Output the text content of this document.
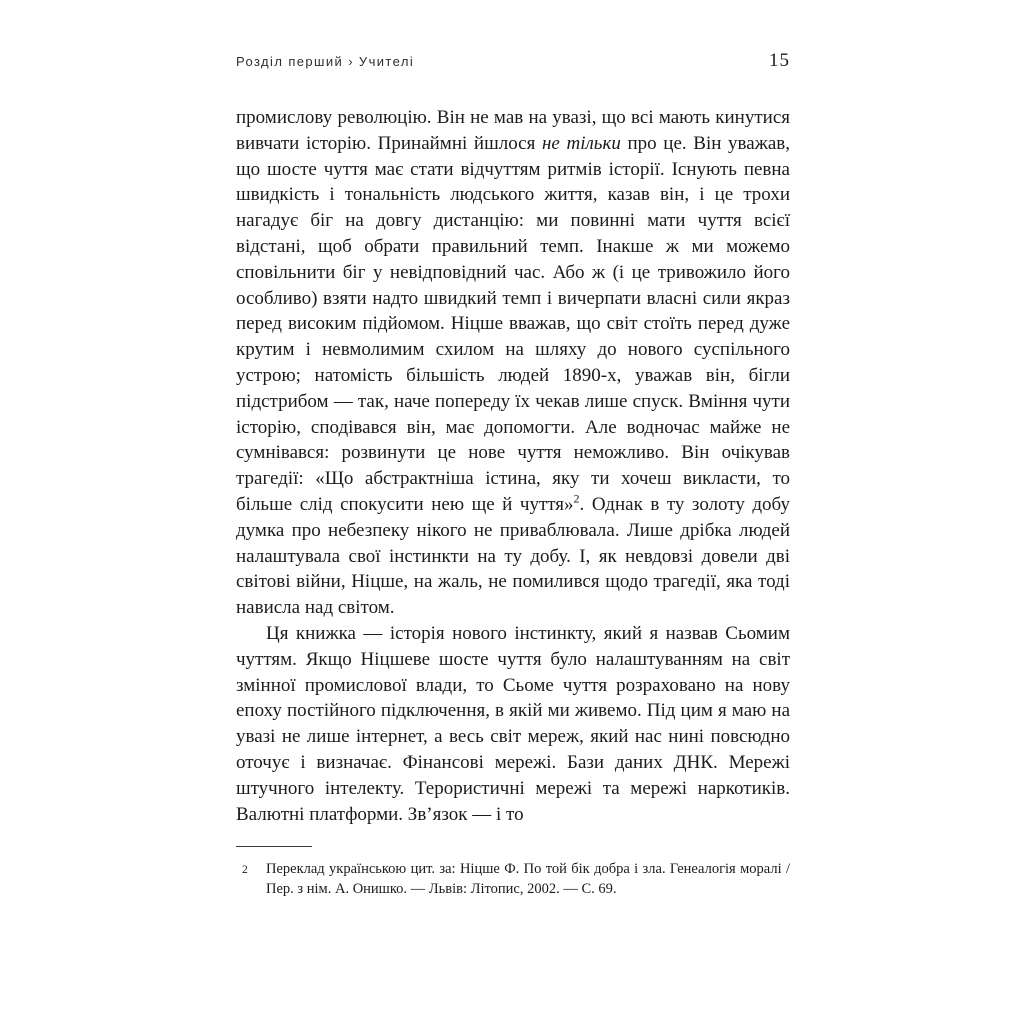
Розділ перший › Учителі	15

промислову революцію. Він не мав на увазі, що всі мають кинутися вивчати історію. Принаймні йшлося не тільки про це. Він уважав, що шосте чуття має стати відчуттям ритмів історії. Існують певна швидкість і тональність людського життя, казав він, і це трохи нагадує біг на довгу дистанцію: ми повинні мати чуття всієї відстані, щоб обрати правильний темп. Інакше ж ми можемо сповільнити біг у невідповідний час. Або ж (і це тривожило його особливо) взяти надто швидкий темп і вичерпати власні сили якраз перед високим підйомом. Ніцше вважав, що світ стоїть перед дуже крутим і невмолимим схилом на шляху до нового суспільного устрою; натомість більшість людей 1890-х, уважав він, бігли підстрибом — так, наче попереду їх чекав лише спуск. Вміння чути історію, сподівався він, має допомогти. Але водночас майже не сумнівався: розвинути це нове чуття неможливо. Він очікував трагедії: «Що абстрактніша істина, яку ти хочеш викласти, то більше слід спокусити нею ще й чуття»$^2$. Однак в ту золоту добу думка про небезпеку нікого не приваблювала. Лише дрібка людей налаштувала свої інстинкти на ту добу. І, як невдовзі довели дві світові війни, Ніцше, на жаль, не помилився щодо трагедії, яка тоді нависла над світом.

Ця книжка — історія нового інстинкту, який я назвав Сьомим чуттям. Якщо Ніцшеве шосте чуття було налаштуванням на світ змінної промислової влади, то Сьоме чуття розраховано на нову епоху постійного підключення, в якій ми живемо. Під цим я маю на увазі не лише інтернет, а весь світ мереж, який нас нині повсюдно оточує і визначає. Фінансові мережі. Бази даних ДНК. Мережі штучного інтелекту. Терористичні мережі та мережі наркотиків. Валютні платформи. Зв’язок — і то

2	Переклад українською цит. за: Ніцше Ф. По той бік добра і зла. Генеалогія моралі / Пер. з нім. А. Онишко. — Львів: Літопис, 2002. — С. 69.
